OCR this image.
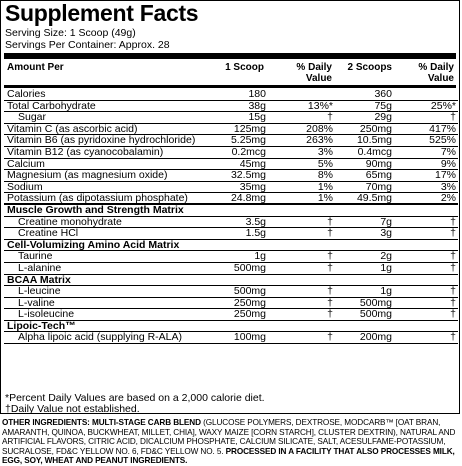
Supplement Facts
Serving Size: 1 Scoop (49g)
Servings Per Container: Approx. 28
Amount Per	1 Scoop	% Daily
Value
2 Scoops	% Daily
Value
Calories	180	360
Total Carbohydrate	38g	13%*	75g	25%*
Sugar	15g	†	29g	†
Vitamin C (as ascorbic acid)	125mg	208%	250mg	417%
Vitamin B6 (as pyridoxine hydrochloride)	5.25mg	263% 10.5mg	525%
Vitamin B12 (as cyanocobalamin)	0.2mcg	3% 0.4mcg	7%
Calcium	45mg	5%	90mg	9%
Magnesium (as magnesium oxide)	32.5mg	8%	65mg	17%
Sodium	35mg	1%	70mg	3%
Potassium (as dipotassium phosphate)	24.8mg	1% 49.5mg	2%
Muscle Growth and Strength Matrix
Creatine monohydrate	3.5g	†	7g	†
Creatine HCl	1.5g	†	3g	†
Cell-Volumizing Amino Acid Matrix
Taurine	1g	†	2g	†
L-alanine	500mg	†	1g	†
BCAA Matrix
L-leucine	500mg	†	1g	†
L-valine	250mg	†	500mg	†
L-isoleucine	250mg	†	500mg	†
Lipoic-Tech™
Alpha lipoic acid (supplying R-ALA)	100mg	†	200mg	†
*Percent Daily Values are based on a 2,000 calorie diet.
†Daily Value not established.
OTHER INGREDIENTS: MULTI-STAGE CARB BLEND (GLUCOSE POLYMERS, DEXTROSE, MODCARB™ [OAT BRAN, AMARANTH, QUINOA, BUCKWHEAT, MILLET, CHIA], WAXY MAIZE [CORN STARCH], CLUSTER DEXTRIN), NATURAL AND ARTIFICIAL FLAVORS, CITRIC ACID, DICALCIUM PHOSPHATE, CALCIUM SILICATE, SALT, ACESULFAME-POTASSIUM, SUCRALOSE, FD&C YELLOW NO. 6, FD&C YELLOW NO. 5. PROCESSED IN A FACILITY THAT ALSO PROCESSES MILK, EGG, SOY, WHEAT AND PEANUT INGREDIENTS.
